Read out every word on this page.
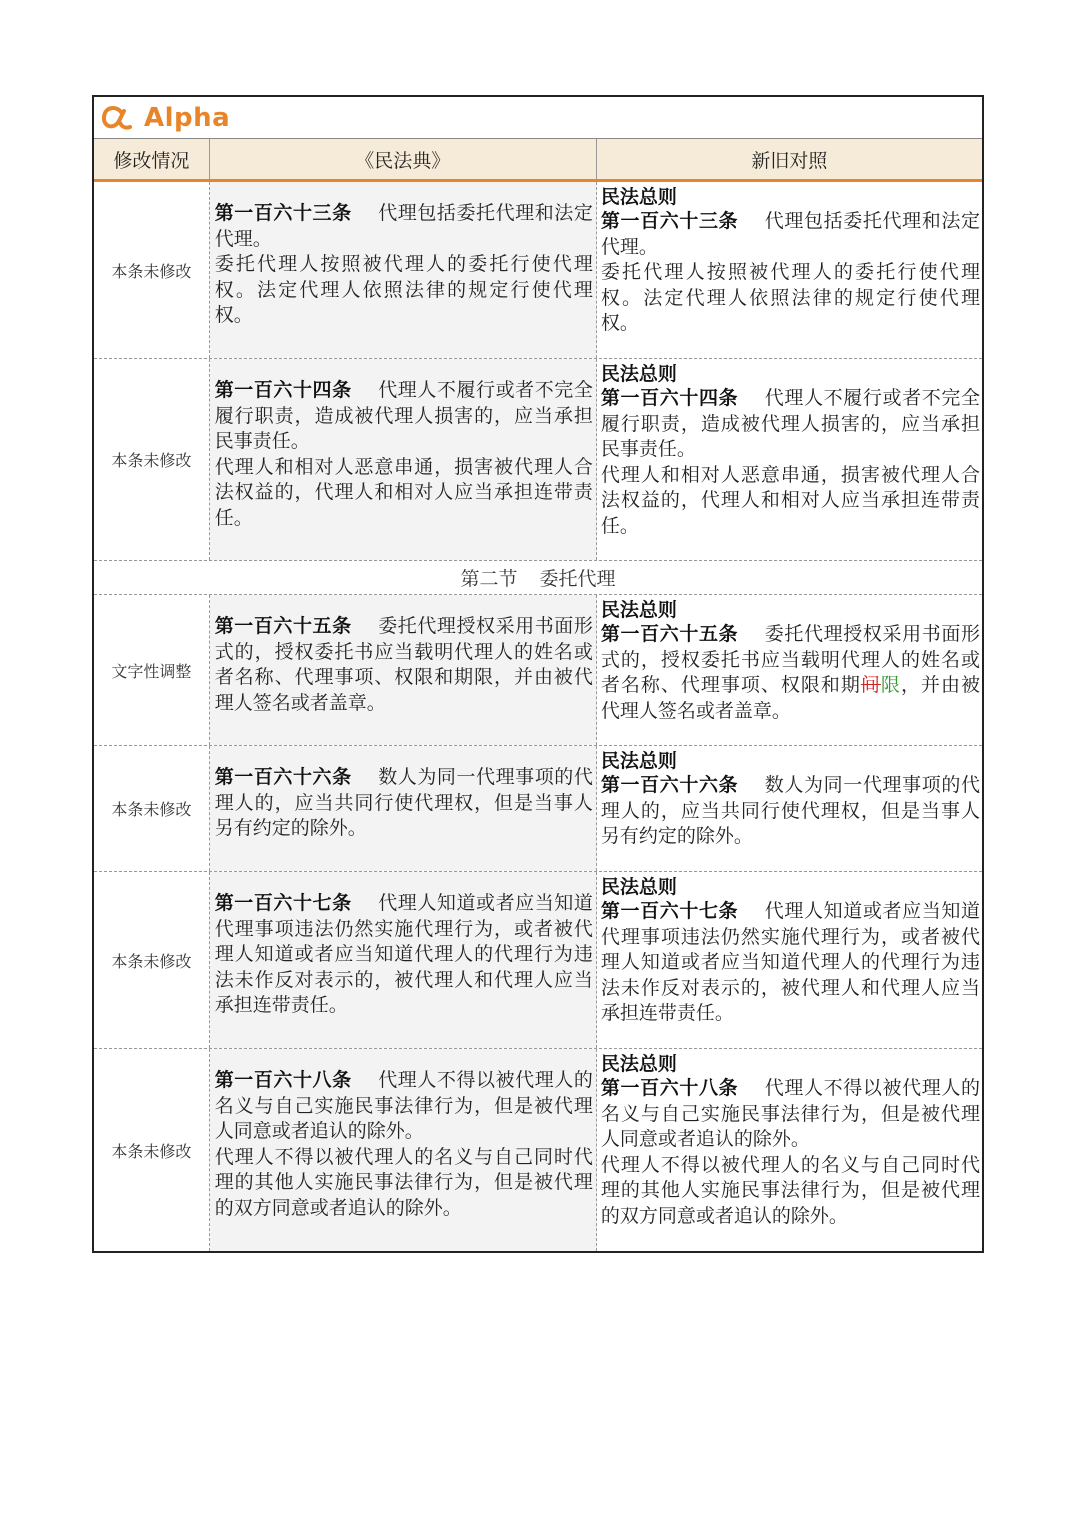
Alpha
修改情况	《民法典》	新旧对照
本条未修改

第一百六十三条 代理包括委托代理和法定代理。

委托代理人按照被代理人的委托行使代理权。法定代理人依照法律的规定行使代理权。

民法总则

第一百六十三条 代理包括委托代理和法定代理。

委托代理人按照被代理人的委托行使代理权。法定代理人依照法律的规定行使代理权。

本条未修改

第一百六十四条 代理人不履行或者不完全履行职责，造成被代理人损害的，应当承担民事责任。

代理人和相对人恶意串通，损害被代理人合法权益的，代理人和相对人应当承担连带责任。

民法总则

第一百六十四条 代理人不履行或者不完全履行职责，造成被代理人损害的，应当承担民事责任。

代理人和相对人恶意串通，损害被代理人合法权益的，代理人和相对人应当承担连带责任。

第二节 委托代理
文字性调整

第一百六十五条 委托代理授权采用书面形式的，授权委托书应当载明代理人的姓名或者名称、代理事项、权限和期限，并由被代理人签名或者盖章。

民法总则

第一百六十五条 委托代理授权采用书面形式的，授权委托书应当载明代理人的姓名或者名称、代理事项、权限和期间限，并由被代理人签名或者盖章。

本条未修改

第一百六十六条 数人为同一代理事项的代理人的，应当共同行使代理权，但是当事人另有约定的除外。

民法总则

第一百六十六条 数人为同一代理事项的代理人的，应当共同行使代理权，但是当事人另有约定的除外。

本条未修改

第一百六十七条 代理人知道或者应当知道代理事项违法仍然实施代理行为，或者被代理人知道或者应当知道代理人的代理行为违法未作反对表示的，被代理人和代理人应当承担连带责任。

民法总则

第一百六十七条 代理人知道或者应当知道代理事项违法仍然实施代理行为，或者被代理人知道或者应当知道代理人的代理行为违法未作反对表示的，被代理人和代理人应当承担连带责任。

本条未修改

第一百六十八条 代理人不得以被代理人的名义与自己实施民事法律行为，但是被代理人同意或者追认的除外。

代理人不得以被代理人的名义与自己同时代理的其他人实施民事法律行为，但是被代理的双方同意或者追认的除外。

民法总则

第一百六十八条 代理人不得以被代理人的名义与自己实施民事法律行为，但是被代理人同意或者追认的除外。

代理人不得以被代理人的名义与自己同时代理的其他人实施民事法律行为，但是被代理的双方同意或者追认的除外。
